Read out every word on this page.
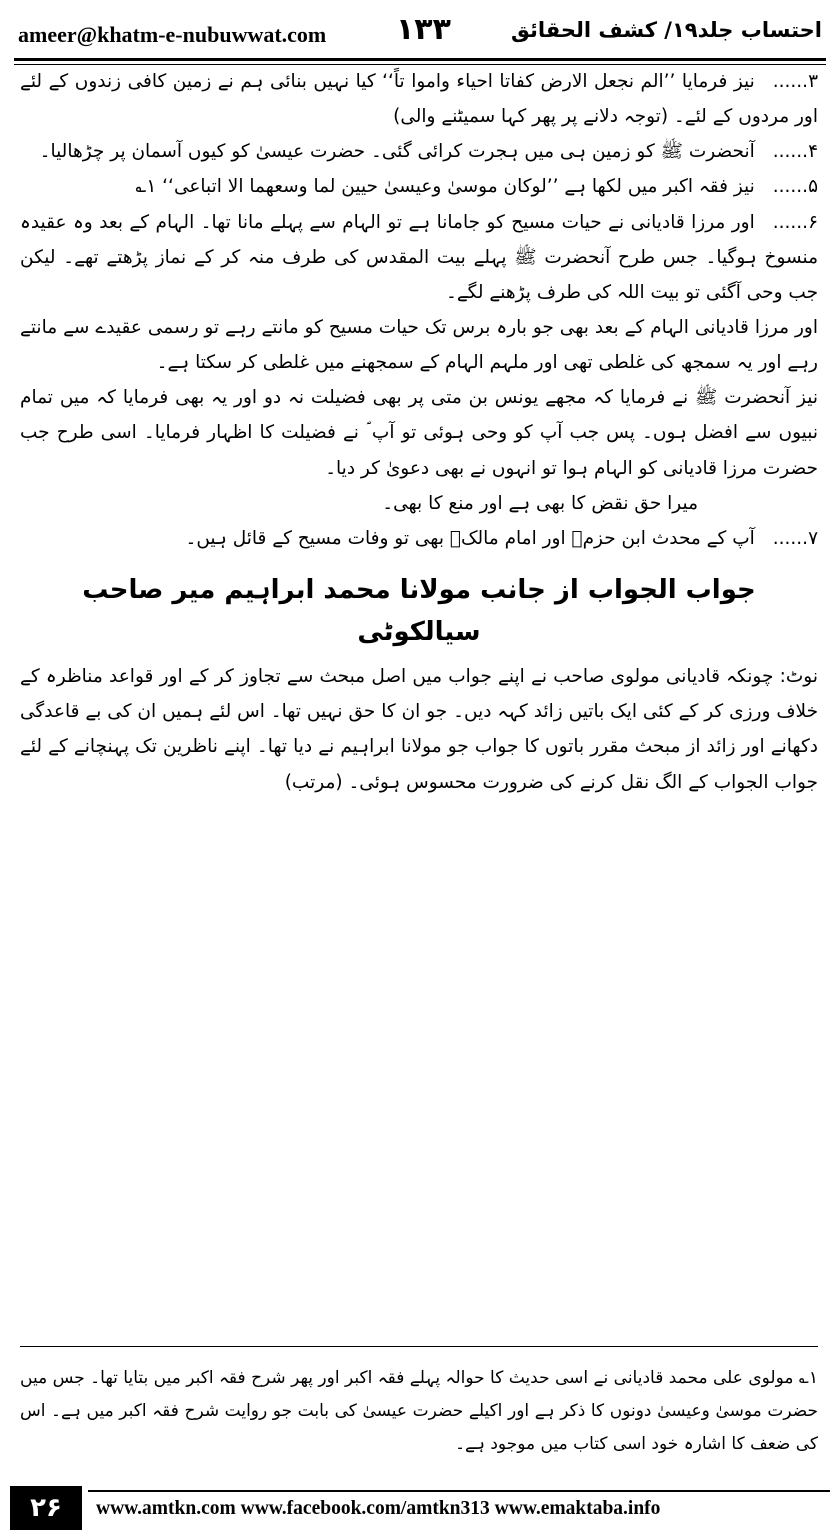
ameer@khatm-e-nubuwwat.com ۱۳۳	احتساب جلد۱۹/ کشف الحقائق

۳......نیز فرمایا ’’الم نجعل الارض کفاتا احیاء واموا تاً‘‘ کیا نہیں بنائی ہم نے زمین کافی زندوں کے لئے اور مردوں کے لئے۔ (توجہ دلانے پر پھر کہا سمیٹنے والی)

۴......آنحضرت ﷺ کو زمین ہی میں ہجرت کرائی گئی۔ حضرت عیسیٰ کو کیوں آسمان پر چڑھالیا۔

۵......نیز فقہ اکبر میں لکھا ہے ’’لوکان موسیٰ وعیسیٰ حیین لما وسعھما الا اتباعی‘‘ ۱؎

۶......اور مرزا قادیانی نے حیات مسیح کو جامانا ہے تو الہام سے پہلے مانا تھا۔ الہام کے بعد وہ عقیدہ منسوخ ہوگیا۔ جس طرح آنحضرت ﷺ پہلے بیت المقدس کی طرف منہ کر کے نماز پڑھتے تھے۔ لیکن جب وحی آگئی تو بیت اللہ کی طرف پڑھنے لگے۔

اور مرزا قادیانی الہام کے بعد بھی جو بارہ برس تک حیات مسیح کو مانتے رہے تو رسمی عقیدے سے مانتے رہے اور یہ سمجھ کی غلطی تھی اور ملہم الہام کے سمجھنے میں غلطی کر سکتا ہے۔

نیز آنحضرت ﷺ نے فرمایا کہ مجھے یونس بن متی پر بھی فضیلت نہ دو اور یہ بھی فرمایا کہ میں تمام نبیوں سے افضل ہوں۔ پس جب آپ کو وحی ہوئی تو آپ ؐ نے فضیلت کا اظہار فرمایا۔ اسی طرح جب حضرت مرزا قادیانی کو الہام ہوا تو انہوں نے بھی دعویٰ کر دیا۔

میرا حق نقض کا بھی ہے اور منع کا بھی۔

۷......آپ کے محدث ابن حزمؒ اور امام مالکؒ بھی تو وفات مسیح کے قائل ہیں۔

جواب الجواب از جانب مولانا محمد ابراہیم میر صاحب سیالکوٹی

نوٹ: چونکہ قادیانی مولوی صاحب نے اپنے جواب میں اصل مبحث سے تجاوز کر کے اور قواعد مناظرہ کے خلاف ورزی کر کے کئی ایک باتیں زائد کہہ دیں۔ جو ان کا حق نہیں تھا۔ اس لئے ہمیں ان کی بے قاعدگی دکھانے اور زائد از مبحث مقرر باتوں کا جواب جو مولانا ابراہیم نے دیا تھا۔ اپنے ناظرین تک پہنچانے کے لئے جواب الجواب کے الگ نقل کرنے کی ضرورت محسوس ہوئی۔ (مرتب)

۱؎ مولوی علی محمد قادیانی نے اسی حدیث کا حوالہ پہلے فقہ اکبر اور پھر شرح فقہ اکبر میں بتایا تھا۔ جس میں حضرت موسیٰ وعیسیٰ دونوں کا ذکر ہے اور اکیلے حضرت عیسیٰ کی بابت جو روایت شرح فقہ اکبر میں ہے۔ اس کی ضعف کا اشارہ خود اسی کتاب میں موجود ہے۔
۲۶	www.amtkn.com www.facebook.com/amtkn313 www.emaktaba.info
